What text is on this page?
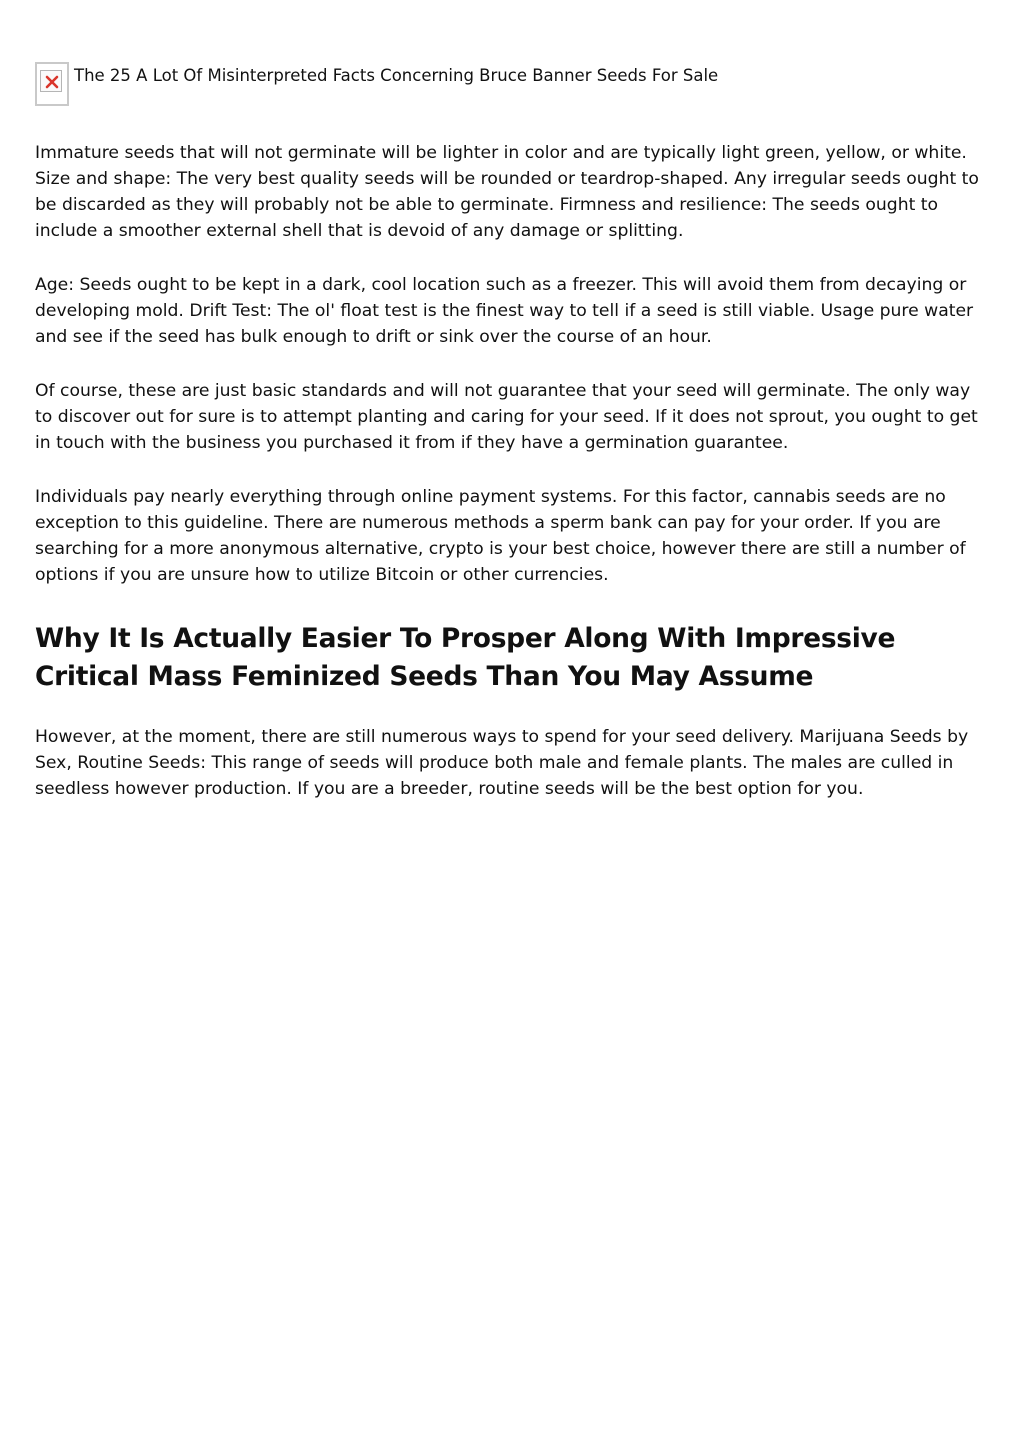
The 25 A Lot Of Misinterpreted Facts Concerning Bruce Banner Seeds For Sale

Immature seeds that will not germinate will be lighter in color and are typically light green, yellow, or white. Size and shape: The very best quality seeds will be rounded or teardrop-shaped. Any irregular seeds ought to be discarded as they will probably not be able to germinate. Firmness and resilience: The seeds ought to include a smoother external shell that is devoid of any damage or splitting.

Age: Seeds ought to be kept in a dark, cool location such as a freezer. This will avoid them from decaying or developing mold. Drift Test: The ol' float test is the finest way to tell if a seed is still viable. Usage pure water and see if the seed has bulk enough to drift or sink over the course of an hour.

Of course, these are just basic standards and will not guarantee that your seed will germinate. The only way to discover out for sure is to attempt planting and caring for your seed. If it does not sprout, you ought to get in touch with the business you purchased it from if they have a germination guarantee.

Individuals pay nearly everything through online payment systems. For this factor, cannabis seeds are no exception to this guideline. There are numerous methods a sperm bank can pay for your order. If you are searching for a more anonymous alternative, crypto is your best choice, however there are still a number of options if you are unsure how to utilize Bitcoin or other currencies.

Why It Is Actually Easier To Prosper Along With Impressive Critical Mass Feminized Seeds Than You May Assume

However, at the moment, there are still numerous ways to spend for your seed delivery. Marijuana Seeds by Sex, Routine Seeds: This range of seeds will produce both male and female plants. The males are culled in seedless however production. If you are a breeder, routine seeds will be the best option for you.
